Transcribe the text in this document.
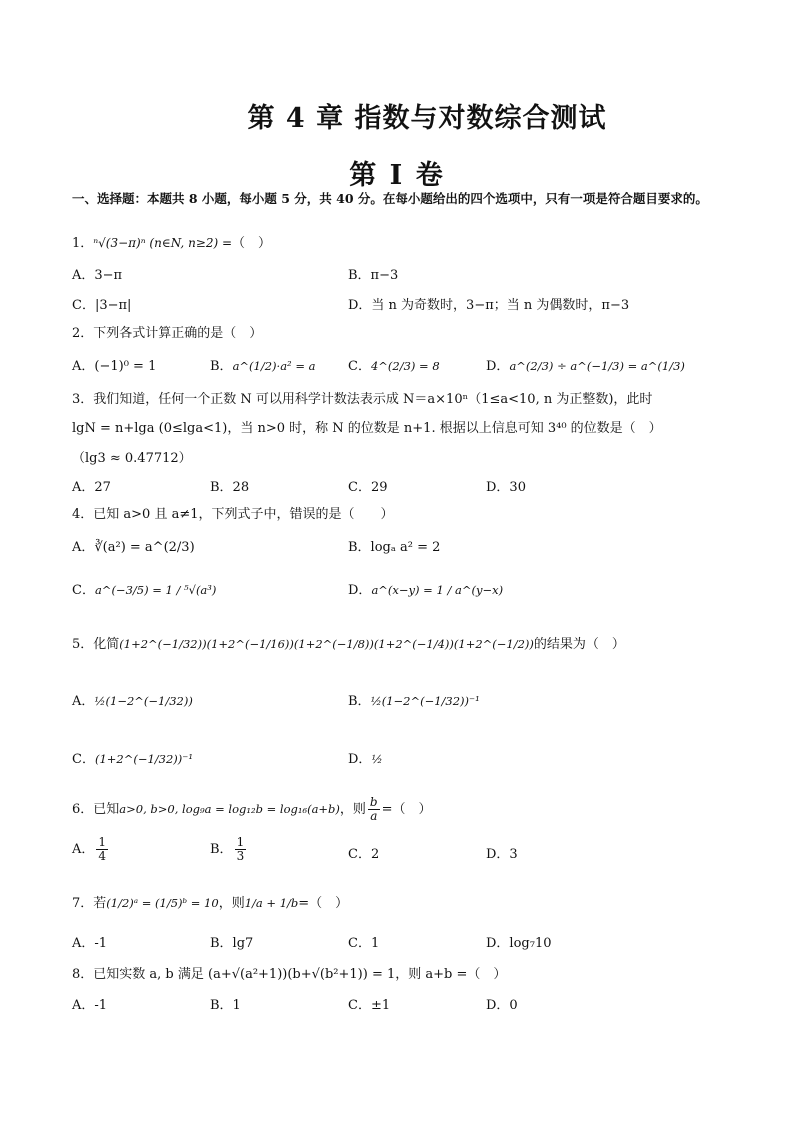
第 4 章 指数与对数综合测试
第 I 卷
一、选择题：本题共 8 小题，每小题 5 分，共 40 分。在每小题给出的四个选项中，只有一项是符合题目要求的。
1．ⁿ√(3−π)ⁿ (n∈N, n≥2) =（　）
A．3−π	B．π−3
C．|3−π|	D．当 n 为奇数时，3−π；当 n 为偶数时，π−3
2．下列各式计算正确的是（　）
A．(−1)⁰ = 1	B．a^(1/2)·a² = a	C．4^(2/3) = 8	D．a^(2/3) ÷ a^(−1/3) = a^(1/3)
3．我们知道，任何一个正数 N 可以用科学计数法表示成 N＝a×10ⁿ（1≤a<10, n 为正整数)，此时
lgN = n+lga (0≤lga<1)，当 n>0 时，称 N 的位数是 n+1. 根据以上信息可知 3⁴⁰ 的位数是（　）
（lg3 ≈ 0.47712）
A．27	B．28	C．29	D．30
4．已知 a>0 且 a≠1，下列式子中，错误的是（　　）
A．∛(a²) = a^(2/3)	B．logₐ a² = 2
C．a^(−3/5) = 1 / ⁵√(a³)	D．a^(x−y) = 1 / a^(y−x)
5．化简(1+2^(−1/32))(1+2^(−1/16))(1+2^(−1/8))(1+2^(−1/4))(1+2^(−1/2))的结果为（　）
A．½(1−2^(−1/32))	B．½(1−2^(−1/32))⁻¹
C．(1+2^(−1/32))⁻¹	D．½
6．已知a>0, b>0, log₉a = log₁₂b = log₁₆(a+b)，则 $\frac{b}{a}$ =（　）
A． $\frac{1}{4}$	B． $\frac{1}{3}$	C．2	D．3
7．若(1/2)ᵃ = (1/5)ᵇ = 10，则1/a + 1/b=（　）
A．-1	B．lg7	C．1	D．log₇10
8．已知实数 a, b 满足 (a+√(a²+1))(b+√(b²+1)) = 1，则 a+b =（　）
A．-1	B．1	C．±1	D．0
